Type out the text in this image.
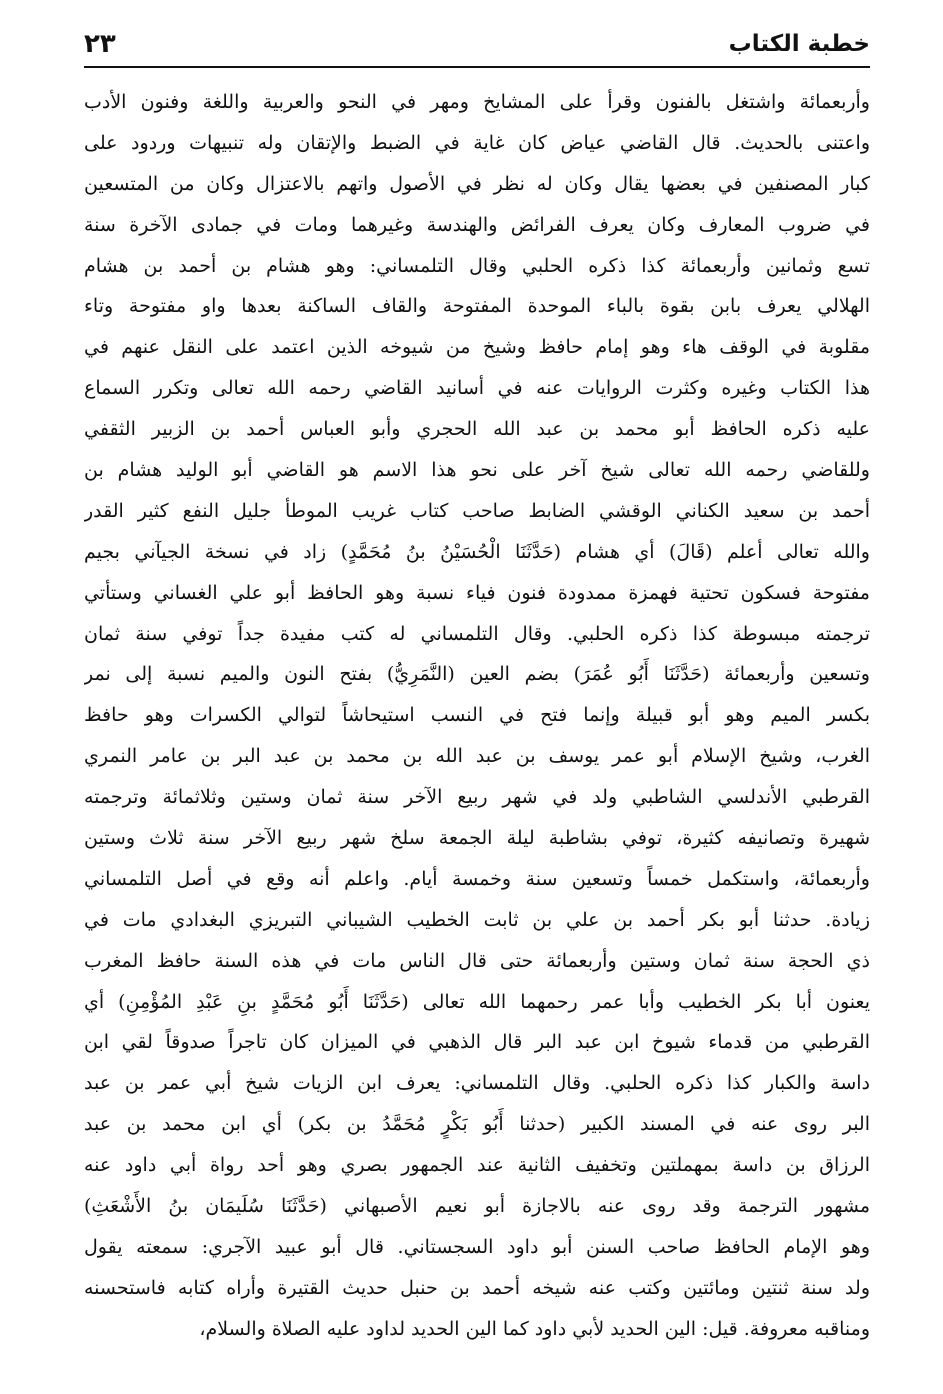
خطبة الكتاب
٢٣
وأربعمائة واشتغل بالفنون وقرأ على المشايخ ومهر في النحو والعربية واللغة وفنون الأدب
واعتنى بالحديث. قال القاضي عياض كان غاية في الضبط والإتقان وله تنبيهات وردود على
كبار المصنفين في بعضها يقال وكان له نظر في الأصول واتهم بالاعتزال وكان من المتسعين
في ضروب المعارف وكان يعرف الفرائض والهندسة وغيرهما ومات في جمادى الآخرة سنة
تسع وثمانين وأربعمائة كذا ذكره الحلبي وقال التلمساني: وهو هشام بن أحمد بن هشام
الهلالي يعرف بابن بقوة بالباء الموحدة المفتوحة والقاف الساكنة بعدها واو مفتوحة وتاء
مقلوبة في الوقف هاء وهو إمام حافظ وشيخ من شيوخه الذين اعتمد على النقل عنهم في
هذا الكتاب وغيره وكثرت الروايات عنه في أسانيد القاضي رحمه الله تعالى وتكرر السماع
عليه ذكره الحافظ أبو محمد بن عبد الله الحجري وأبو العباس أحمد بن الزبير الثقفي
وللقاضي رحمه الله تعالى شيخ آخر على نحو هذا الاسم هو القاضي أبو الوليد هشام بن
أحمد بن سعيد الكناني الوقشي الضابط صاحب كتاب غريب الموطأ جليل النفع كثير القدر
والله تعالى أعلم (قَالَ) أي هشام (حَدَّثَنَا الْحُسَيْنُ بنُ مُحَمَّدٍ) زاد في نسخة الجيآني بجيم
مفتوحة فسكون تحتية فهمزة ممدودة فنون فياء نسبة وهو الحافظ أبو علي الغساني وستأتي
ترجمته مبسوطة كذا ذكره الحلبي. وقال التلمساني له كتب مفيدة جداً توفي سنة ثمان
وتسعين وأربعمائة (حَدَّثَنَا أَبُو عُمَرَ) بضم العين (النَّمَرِيُّ) بفتح النون والميم نسبة إلى نمر
بكسر الميم وهو أبو قبيلة وإنما فتح في النسب استيحاشاً لتوالي الكسرات وهو حافظ
الغرب، وشيخ الإسلام أبو عمر يوسف بن عبد الله بن محمد بن عبد البر بن عامر النمري
القرطبي الأندلسي الشاطبي ولد في شهر ربيع الآخر سنة ثمان وستين وثلاثمائة وترجمته
شهيرة وتصانيفه كثيرة، توفي بشاطبة ليلة الجمعة سلخ شهر ربيع الآخر سنة ثلاث وستين
وأربعمائة، واستكمل خمساً وتسعين سنة وخمسة أيام. واعلم أنه وقع في أصل التلمساني
زيادة. حدثنا أبو بكر أحمد بن علي بن ثابت الخطيب الشيباني التبريزي البغدادي مات في
ذي الحجة سنة ثمان وستين وأربعمائة حتى قال الناس مات في هذه السنة حافظ المغرب
يعنون أبا بكر الخطيب وأبا عمر رحمهما الله تعالى (حَدَّثَنَا أَبُو مُحَمَّدٍ بنِ عَبْدِ المُؤْمِنِ) أي
القرطبي من قدماء شيوخ ابن عبد البر قال الذهبي في الميزان كان تاجراً صدوقاً لقي ابن
داسة والكبار كذا ذكره الحلبي. وقال التلمساني: يعرف ابن الزيات شيخ أبي عمر بن عبد
البر روى عنه في المسند الكبير (حدثنا أَبُو بَكْرٍ مُحَمَّدُ بن بكر) أي ابن محمد بن عبد
الرزاق بن داسة بمهملتين وتخفيف الثانية عند الجمهور بصري وهو أحد رواة أبي داود عنه
مشهور الترجمة وقد روى عنه بالاجازة أبو نعيم الأصبهاني (حَدَّثَنَا سُلَيمَان بنُ الأَشْعَثِ)
وهو الإمام الحافظ صاحب السنن أبو داود السجستاني. قال أبو عبيد الآجري: سمعته يقول
ولد سنة ثنتين ومائتين وكتب عنه شيخه أحمد بن حنبل حديث القتيرة وأراه كتابه فاستحسنه
ومناقبه معروفة. قيل: الين الحديد لأبي داود كما الين الحديد لداود عليه الصلاة والسلام،
